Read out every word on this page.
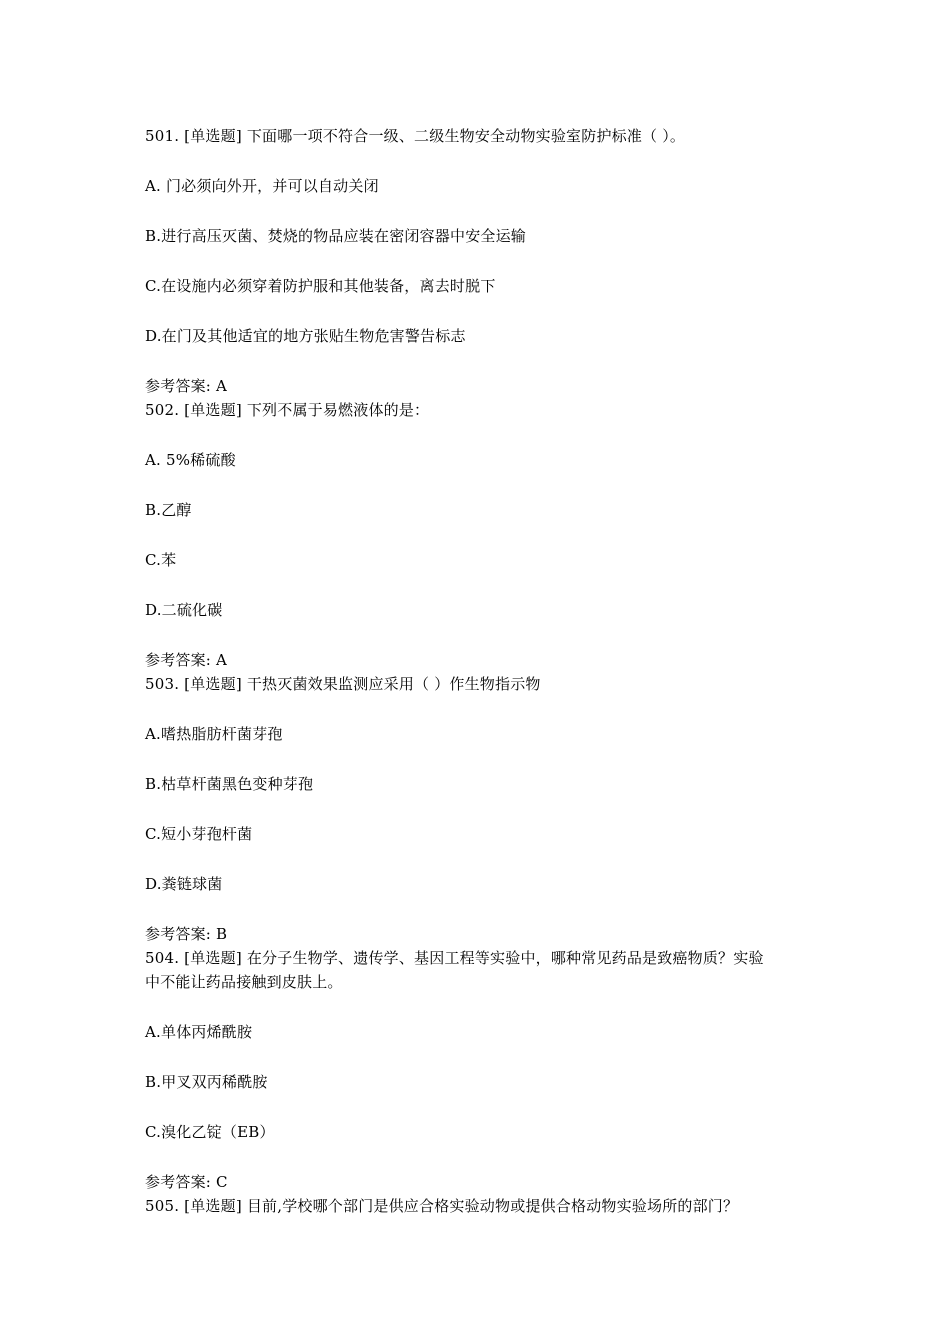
501. [单选题] 下面哪一项不符合一级、二级生物安全动物实验室防护标准（ ）。
A. 门必须向外开，并可以自动关闭
B.进行高压灭菌、焚烧的物品应装在密闭容器中安全运输
C.在设施内必须穿着防护服和其他装备，离去时脱下
D.在门及其他适宜的地方张贴生物危害警告标志
参考答案: A
502. [单选题] 下列不属于易燃液体的是：
A. 5%稀硫酸
B.乙醇
C.苯
D.二硫化碳
参考答案: A
503. [单选题] 干热灭菌效果监测应采用（ ）作生物指示物
A.嗜热脂肪杆菌芽孢
B.枯草杆菌黑色变种芽孢
C.短小芽孢杆菌
D.粪链球菌
参考答案: B
504. [单选题] 在分子生物学、遗传学、基因工程等实验中，哪种常见药品是致癌物质？实验
中不能让药品接触到皮肤上。
A.单体丙烯酰胺
B.甲叉双丙稀酰胺
C.溴化乙锭（EB）
参考答案: C
505. [单选题] 目前,学校哪个部门是供应合格实验动物或提供合格动物实验场所的部门？
